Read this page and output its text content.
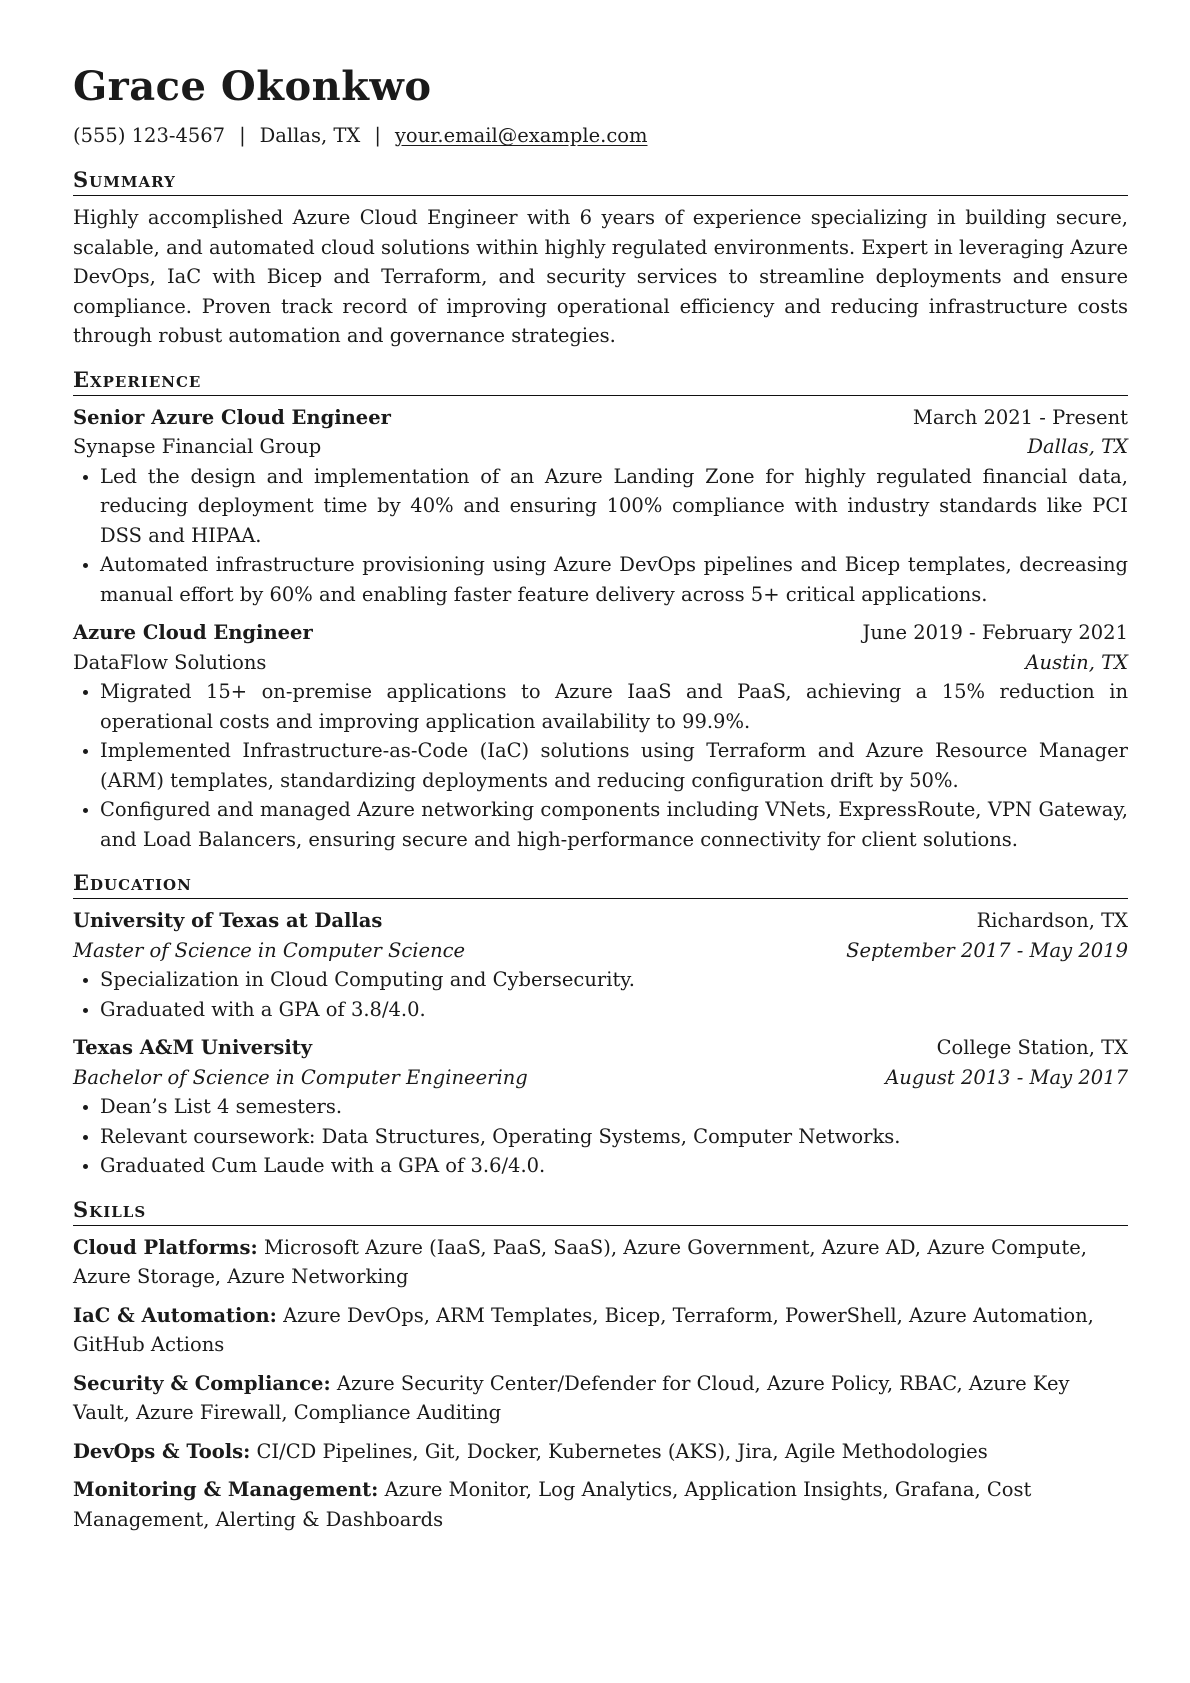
Grace Okonkwo
(555) 123-4567 | Dallas, TX | your.email@example.com
Summary
Highly accomplished Azure Cloud Engineer with 6 years of experience specializing in building secure, scalable, and automated cloud solutions within highly regulated environments. Expert in leveraging Azure DevOps, IaC with Bicep and Terraform, and security services to streamline deployments and ensure compliance. Proven track record of improving operational efficiency and reducing infrastructure costs through robust automation and governance strategies.
Experience
Senior Azure Cloud Engineer	March 2021 - Present
Synapse Financial Group	Dallas, TX
Led the design and implementation of an Azure Landing Zone for highly regulated financial data, reducing deployment time by 40% and ensuring 100% compliance with industry standards like PCI DSS and HIPAA.
Automated infrastructure provisioning using Azure DevOps pipelines and Bicep templates, decreasing manual effort by 60% and enabling faster feature delivery across 5+ critical applications.
Azure Cloud Engineer	June 2019 - February 2021
DataFlow Solutions	Austin, TX
Migrated 15+ on-premise applications to Azure IaaS and PaaS, achieving a 15% reduction in operational costs and improving application availability to 99.9%.
Implemented Infrastructure-as-Code (IaC) solutions using Terraform and Azure Resource Manager (ARM) templates, standardizing deployments and reducing configuration drift by 50%.
Configured and managed Azure networking components including VNets, ExpressRoute, VPN Gateway, and Load Balancers, ensuring secure and high-performance connectivity for client solutions.
Education
University of Texas at Dallas	Richardson, TX
Master of Science in Computer Science	September 2017 - May 2019
Specialization in Cloud Computing and Cybersecurity.
Graduated with a GPA of 3.8/4.0.
Texas A&M University	College Station, TX
Bachelor of Science in Computer Engineering	August 2013 - May 2017
Dean’s List 4 semesters.
Relevant coursework: Data Structures, Operating Systems, Computer Networks.
Graduated Cum Laude with a GPA of 3.6/4.0.
Skills
Cloud Platforms: Microsoft Azure (IaaS, PaaS, SaaS), Azure Government, Azure AD, Azure Compute, Azure Storage, Azure Networking
IaC & Automation: Azure DevOps, ARM Templates, Bicep, Terraform, PowerShell, Azure Automation, GitHub Actions
Security & Compliance: Azure Security Center/Defender for Cloud, Azure Policy, RBAC, Azure Key Vault, Azure Firewall, Compliance Auditing
DevOps & Tools: CI/CD Pipelines, Git, Docker, Kubernetes (AKS), Jira, Agile Methodologies
Monitoring & Management: Azure Monitor, Log Analytics, Application Insights, Grafana, Cost Management, Alerting & Dashboards
